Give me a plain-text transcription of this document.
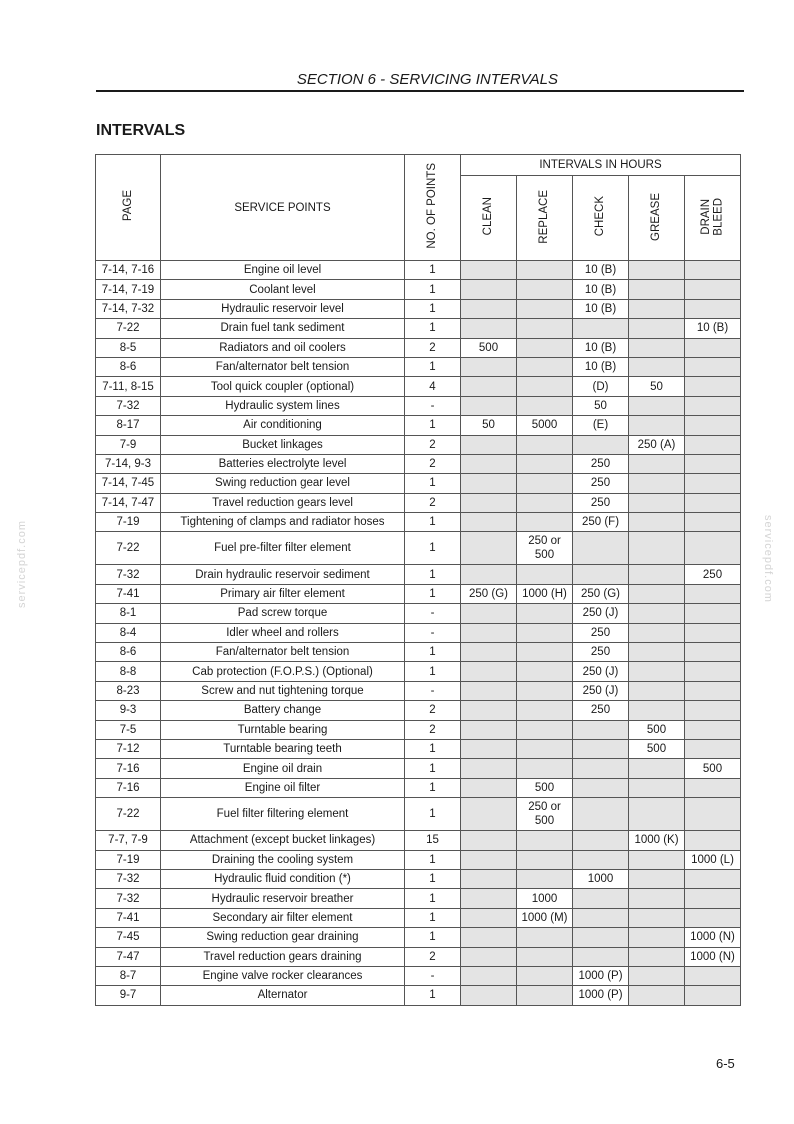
SECTION 6 - SERVICING INTERVALS
INTERVALS
servicepdf.com	servicepdf.com
PAGE	SERVICE POINTS	NO. OF POINTS	INTERVALS IN HOURS				
			CLEAN	REPLACE	CHECK	GREASE	DRAIN
BLEED
7-14, 7-16	Engine oil level	1			10 (B)		
7-14, 7-19	Coolant level	1			10 (B)		
7-14, 7-32	Hydraulic reservoir level	1			10 (B)		
7-22	Drain fuel tank sediment	1					10 (B)
8-5	Radiators and oil coolers	2	500		10 (B)		
8-6	Fan/alternator belt tension	1			10 (B)		
7-11, 8-15	Tool quick coupler (optional)	4			(D)	50	
7-32	Hydraulic system lines	-			50		
8-17	Air conditioning	1	50	5000	(E)		
7-9	Bucket linkages	2				250 (A)	
7-14, 9-3	Batteries electrolyte level	2			250		
7-14, 7-45	Swing reduction gear level	1			250		
7-14, 7-47	Travel reduction gears level	2			250		
7-19	Tightening of clamps and radiator hoses	1			250 (F)		
7-22	Fuel pre-filter filter element	1		250 or
500			
7-32	Drain hydraulic reservoir sediment	1					250
7-41	Primary air filter element	1	250 (G)	1000 (H)	250 (G)		
8-1	Pad screw torque	-			250 (J)		
8-4	Idler wheel and rollers	-			250		
8-6	Fan/alternator belt tension	1			250		
8-8	Cab protection (F.O.P.S.) (Optional)	1			250 (J)		
8-23	Screw and nut tightening torque	-			250 (J)		
9-3	Battery change	2			250		
7-5	Turntable bearing	2				500	
7-12	Turntable bearing teeth	1				500	
7-16	Engine oil drain	1					500
7-16	Engine oil filter	1		500			
7-22	Fuel filter filtering element	1		250 or
500			
7-7, 7-9	Attachment (except bucket linkages)	15				1000 (K)	
7-19	Draining the cooling system	1					1000 (L)
7-32	Hydraulic fluid condition (*)	1			1000		
7-32	Hydraulic reservoir breather	1		1000			
7-41	Secondary air filter element	1		1000 (M)			
7-45	Swing reduction gear draining	1					1000 (N)
7-47	Travel reduction gears draining	2					1000 (N)
8-7	Engine valve rocker clearances	-			1000 (P)		
9-7	Alternator	1			1000 (P)		
6-5
